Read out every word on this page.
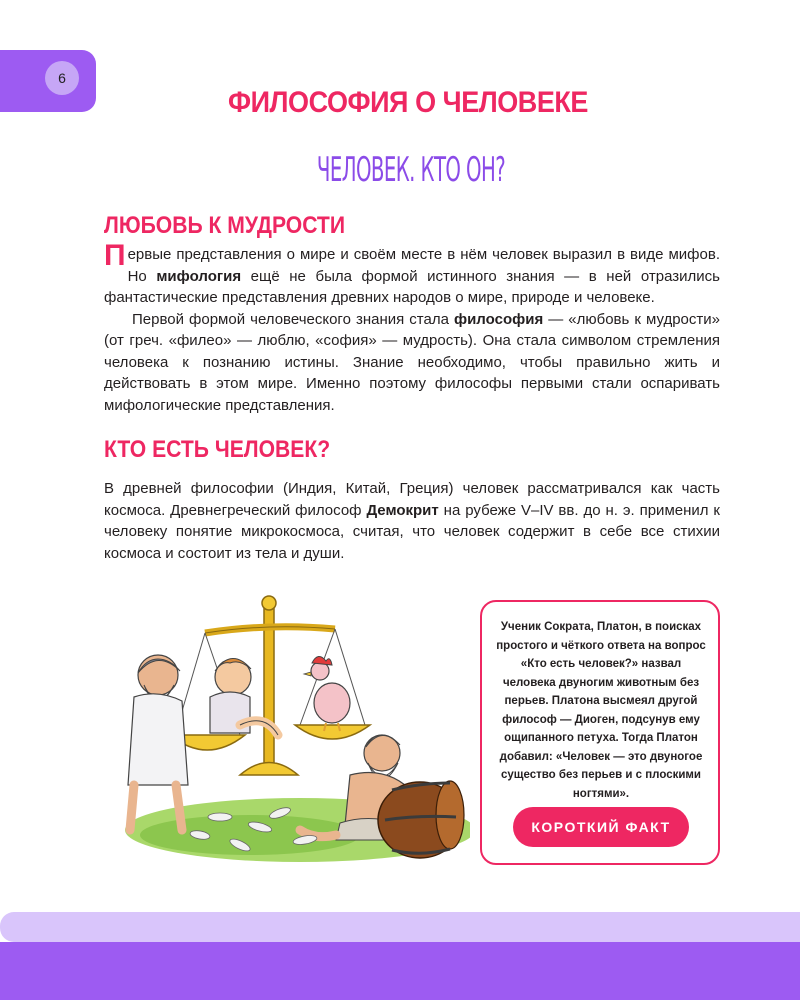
6
ФИЛОСОФИЯ О ЧЕЛОВЕКЕ
ЧЕЛОВЕК. КТО ОН?
ЛЮБОВЬ К МУДРОСТИ

Первые представления о мире и своём месте в нём человек выразил в виде мифов. Но мифология ещё не была формой истинного знания — в ней отразились фантастические представления древних народов о мире, природе и человеке.

Первой формой человеческого знания стала философия — «любовь к мудрости» (от греч. «филео» — люблю, «софия» — мудрость). Она стала символом стремления человека к познанию истины. Знание необходимо, чтобы правильно жить и действовать в этом мире. Именно поэтому философы первыми стали оспаривать мифологические представления.

КТО ЕСТЬ ЧЕЛОВЕК?

В древней философии (Индия, Китай, Греция) человек рассматривался как часть космоса. Древнегреческий философ Демокрит на рубеже V–IV вв. до н. э. применил к человеку понятие микрокосмоса, считая, что человек содержит в себе все стихии космоса и состоит из тела и души.

Ученик Сократа, Платон, в поисках простого и чёткого ответа на вопрос «Кто есть человек?» назвал человека двуногим животным без перьев. Платона высмеял другой философ — Диоген, подсунув ему ощипанного петуха. Тогда Платон добавил: «Человек — это двуногое существо без перьев и с плоскими ногтями».
КОРОТКИЙ ФАКТ
